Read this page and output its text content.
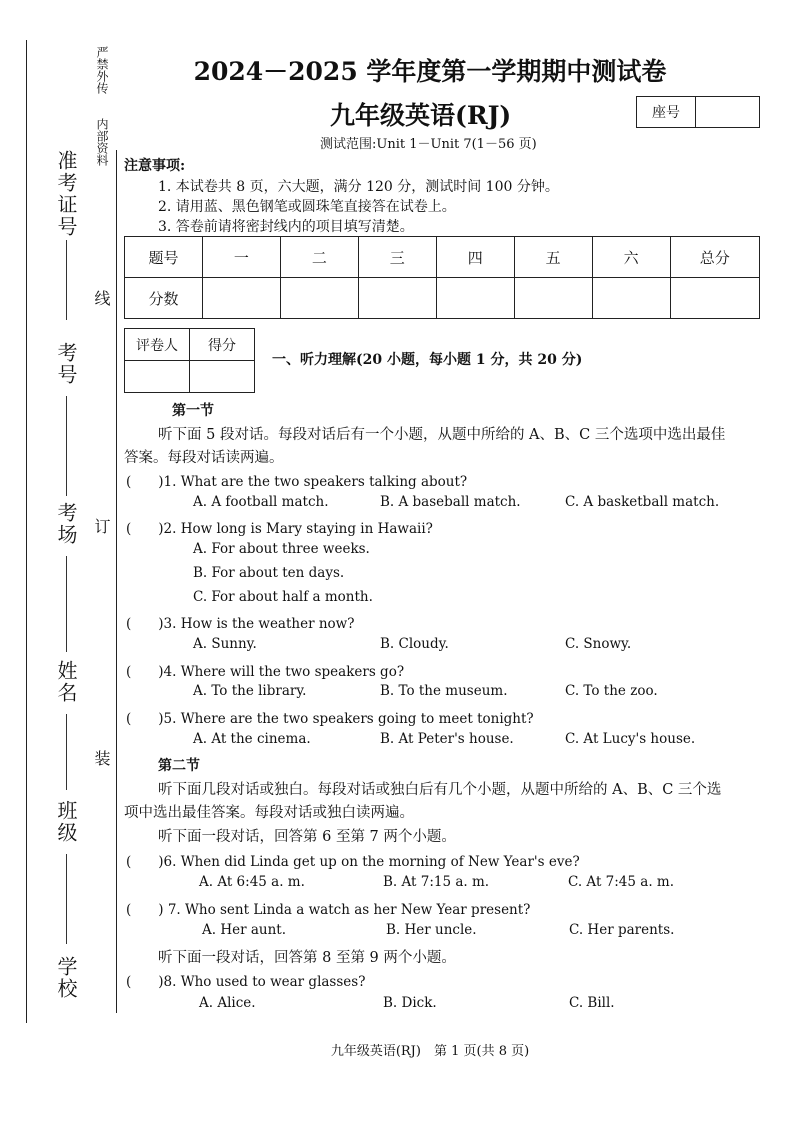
严禁外传
内部资料
准考证号
考号
考场
姓名
班级
学校
线
订
装
2024－2025 学年度第一学期期中测试卷
九年级英语(RJ)	座号
测试范围:Unit 1－Unit 7(1－56 页)
注意事项:
1. 本试卷共 8 页，六大题，满分 120 分，测试时间 100 分钟。
2. 请用蓝、黑色钢笔或圆珠笔直接答在试卷上。
3. 答卷前请将密封线内的项目填写清楚。
题号	一	二	三	四	五	六	总分
分数							
评卷人	得分

一、听力理解(20 小题，每小题 1 分，共 20 分)
第一节
听下面 5 段对话。每段对话后有一个小题，从题中所给的 A、B、C 三个选项中选出最佳
答案。每段对话读两遍。
(　　)1. What are the two speakers talking about?
A. A football match.	B. A baseball match.	C. A basketball match.
(　　)2. How long is Mary staying in Hawaii?
A. For about three weeks.
B. For about ten days.
C. For about half a month.
(　　)3. How is the weather now?
A. Sunny.	B. Cloudy.	C. Snowy.
(　　)4. Where will the two speakers go?
A. To the library.	B. To the museum.	C. To the zoo.
(　　)5. Where are the two speakers going to meet tonight?
A. At the cinema.	B. At Peter's house.	C. At Lucy's house.
第二节
听下面几段对话或独白。每段对话或独白后有几个小题，从题中所给的 A、B、C 三个选
项中选出最佳答案。每段对话或独白读两遍。
听下面一段对话，回答第 6 至第 7 两个小题。
(　　)6. When did Linda get up on the morning of New Year's eve?
A. At 6:45 a. m.	B. At 7:15 a. m.	C. At 7:45 a. m.
(　　) 7. Who sent Linda a watch as her New Year present?
A. Her aunt.	B. Her uncle.	C. Her parents.
听下面一段对话，回答第 8 至第 9 两个小题。
(　　)8. Who used to wear glasses?
A. Alice.	B. Dick.	C. Bill.
九年级英语(RJ)　第 1 页(共 8 页)
